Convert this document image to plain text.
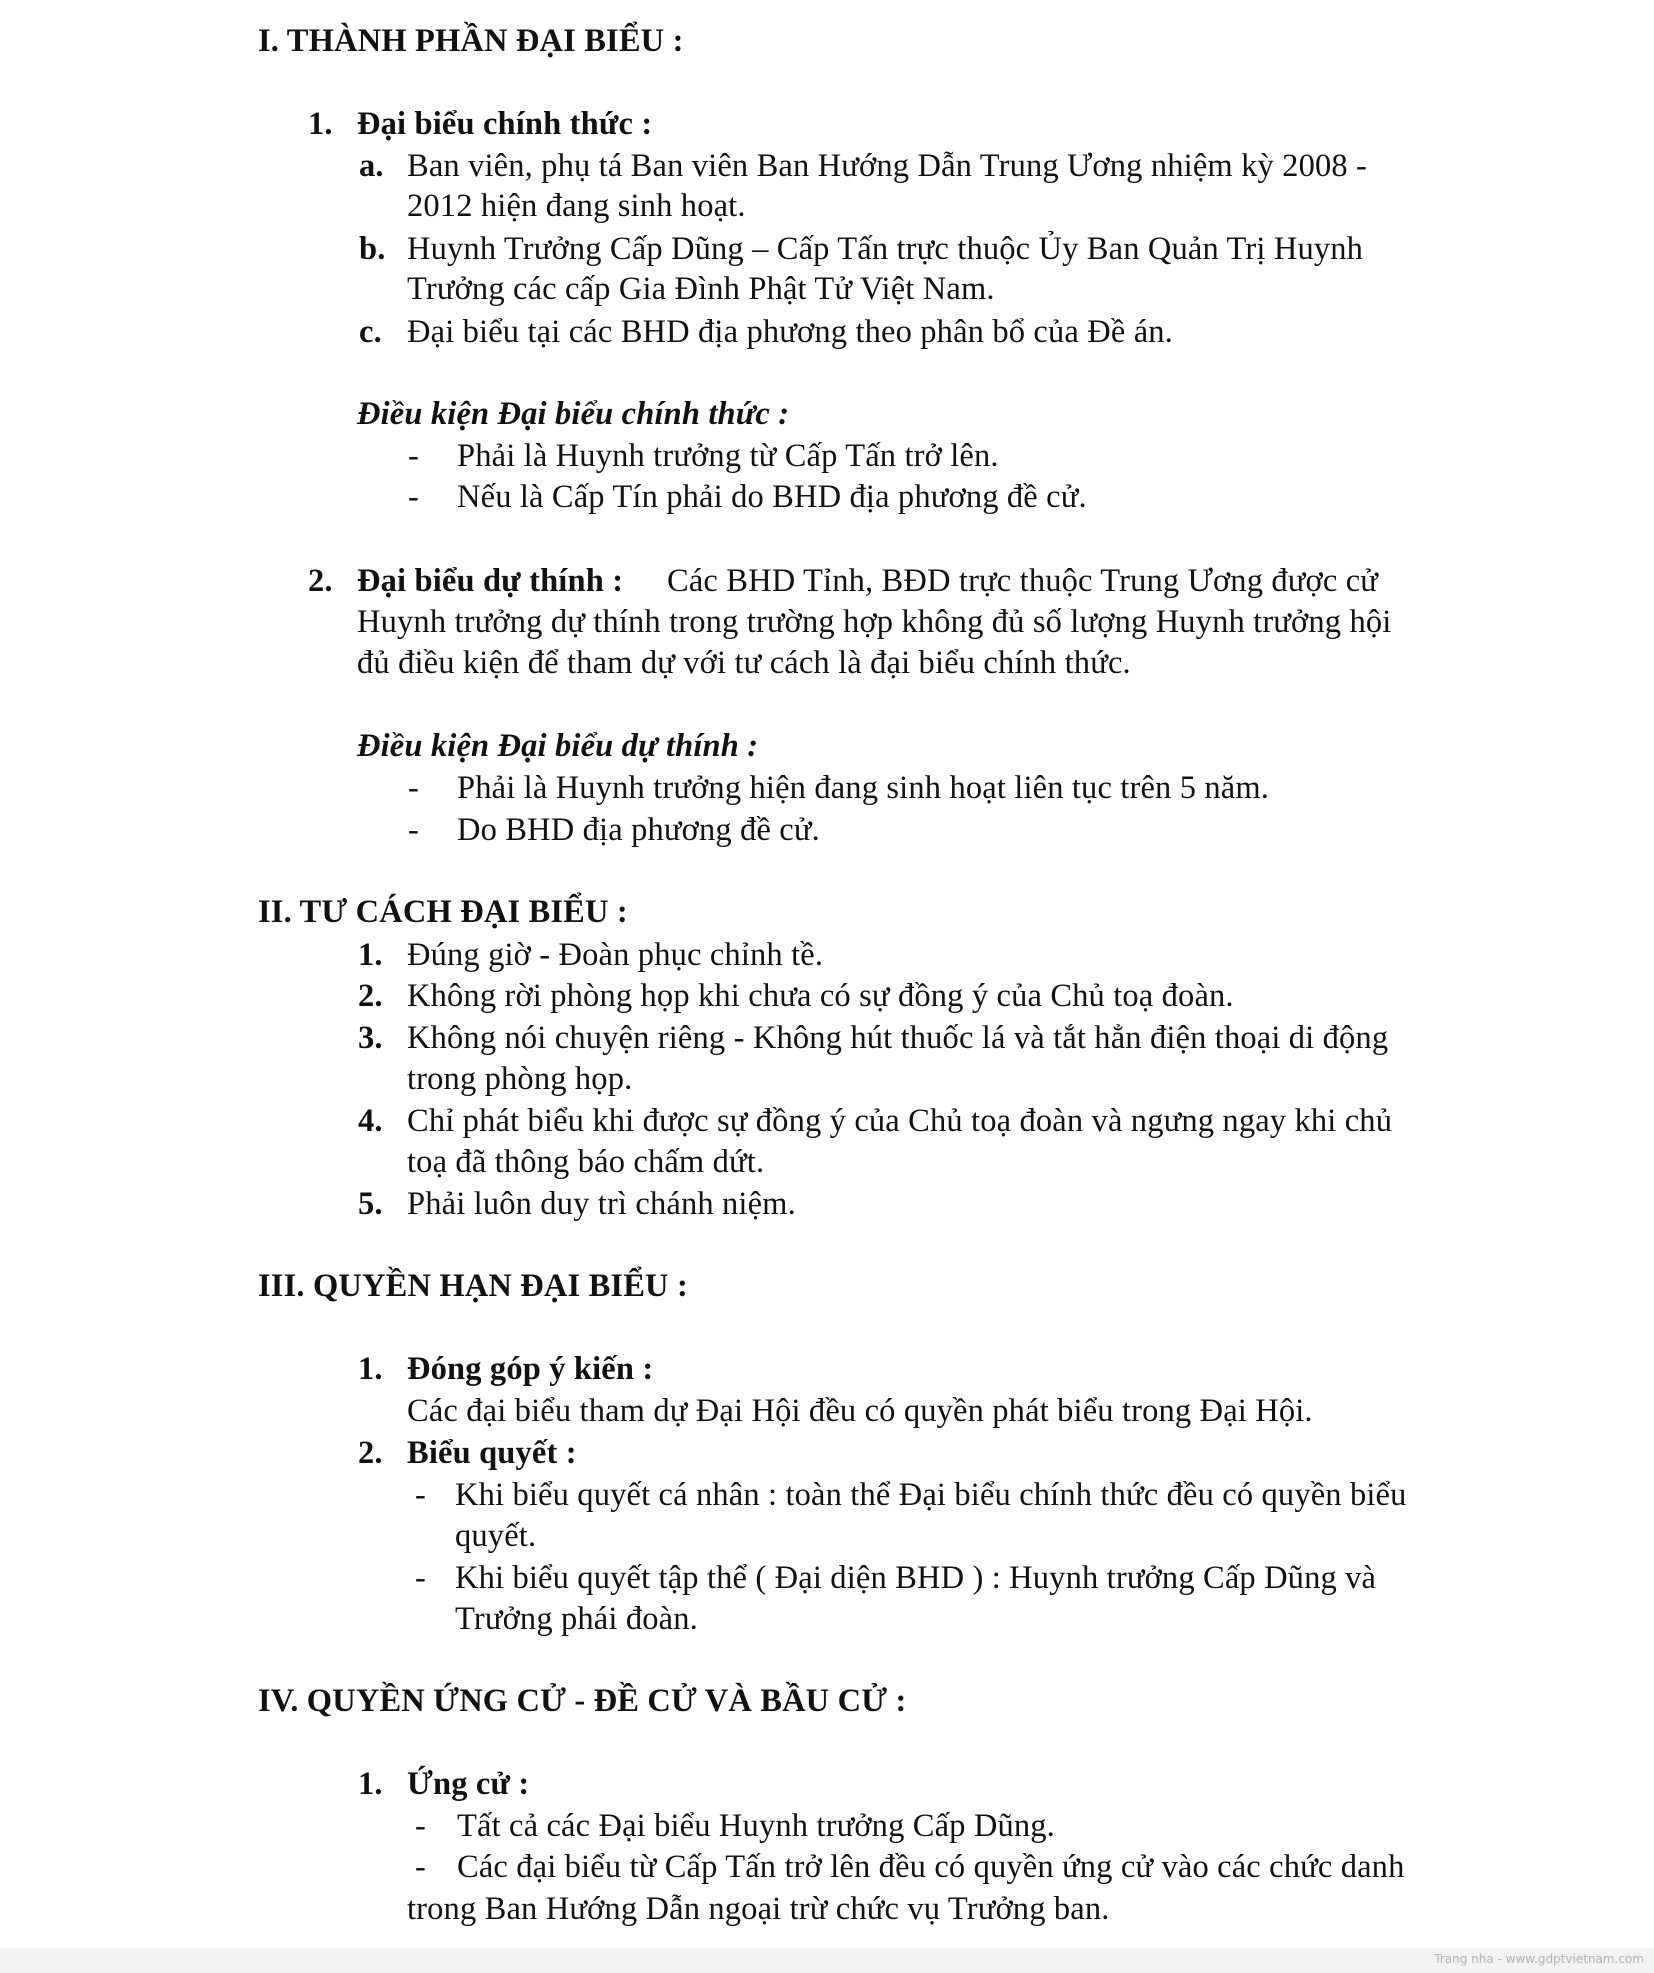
I. THÀNH PHẦN ĐẠI BIỂU :
1. Đại biểu chính thức :
a. Ban viên, phụ tá Ban viên Ban Hướng Dẫn Trung Ương nhiệm kỳ 2008 -
2012 hiện đang sinh hoạt.
b. Huynh Trưởng Cấp Dũng – Cấp Tấn trực thuộc Ủy Ban Quản Trị Huynh
Trưởng các cấp Gia Đình Phật Tử Việt Nam.
c. Đại biểu tại các BHD địa phương theo phân bổ của Đề án.
Điều kiện Đại biểu chính thức :
- Phải là Huynh trưởng từ Cấp Tấn trở lên.
- Nếu là Cấp Tín phải do BHD địa phương đề cử.
2. Đại biểu dự thính : Các BHD Tỉnh, BĐD trực thuộc Trung Ương được cử
Huynh trưởng dự thính trong trường hợp không đủ số lượng Huynh trưởng hội
đủ điều kiện để tham dự với tư cách là đại biểu chính thức.
Điều kiện Đại biểu dự thính :
- Phải là Huynh trưởng hiện đang sinh hoạt liên tục trên 5 năm.
- Do BHD địa phương đề cử.
II. TƯ CÁCH ĐẠI BIỂU :
1. Đúng giờ - Đoàn phục chỉnh tề.
2. Không rời phòng họp khi chưa có sự đồng ý của Chủ toạ đoàn.
3. Không nói chuyện riêng - Không hút thuốc lá và tắt hẳn điện thoại di động
trong phòng họp.
4. Chỉ phát biểu khi được sự đồng ý của Chủ toạ đoàn và ngưng ngay khi chủ
toạ đã thông báo chấm dứt.
5. Phải luôn duy trì chánh niệm.
III. QUYỀN HẠN ĐẠI BIỂU :
1. Đóng góp ý kiến :
Các đại biểu tham dự Đại Hội đều có quyền phát biểu trong Đại Hội.
2. Biểu quyết :
- Khi biểu quyết cá nhân : toàn thể Đại biểu chính thức đều có quyền biểu
quyết.
- Khi biểu quyết tập thể ( Đại diện BHD ) : Huynh trưởng Cấp Dũng và
Trưởng phái đoàn.
IV. QUYỀN ỨNG CỬ - ĐỀ CỬ VÀ BẦU CỬ :
1. Ứng cử :
- Tất cả các Đại biểu Huynh trưởng Cấp Dũng.
- Các đại biểu từ Cấp Tấn trở lên đều có quyền ứng cử vào các chức danh
trong Ban Hướng Dẫn ngoại trừ chức vụ Trưởng ban.
Trang nha - www.gdptvietnam.com
